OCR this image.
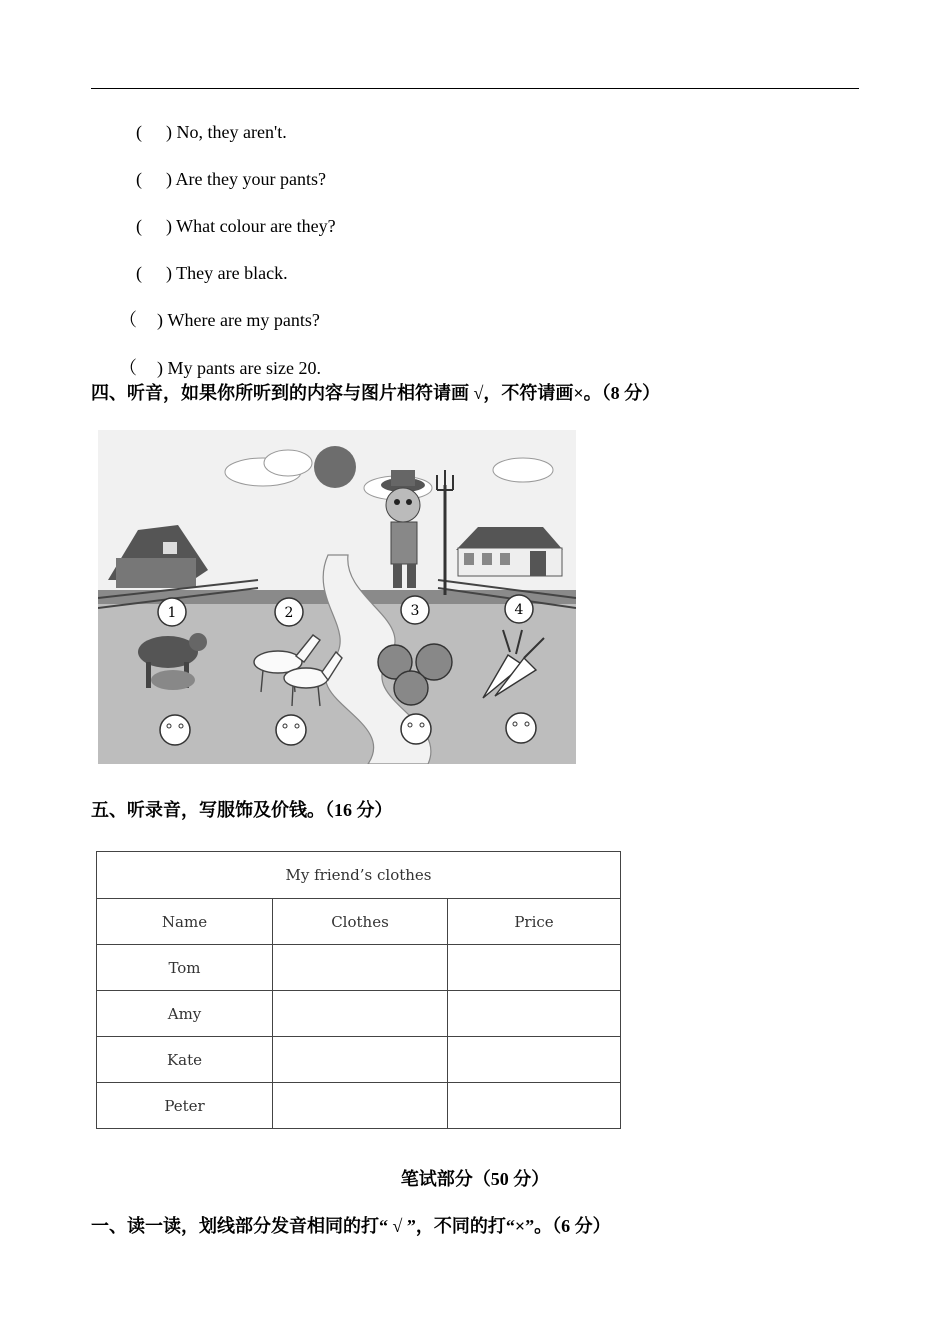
( ) No, they aren't.

( ) Are they your pants?

( ) What colour are they?

( ) They are black.

（ ) Where are my pants?

（ ) My pants are size 20.

四、听音，如果你所听到的内容与图片相符请画 √，不符请画×。（8 分）
1	2	3	4
五、听录音，写服饰及价钱。（16 分）
My friend’s clothes		
Name	Clothes	Price
Tom		
Amy		
Kate		
Peter		
笔试部分（50 分）
一、读一读，划线部分发音相同的打“ √ ”，不同的打“×”。（6 分）
